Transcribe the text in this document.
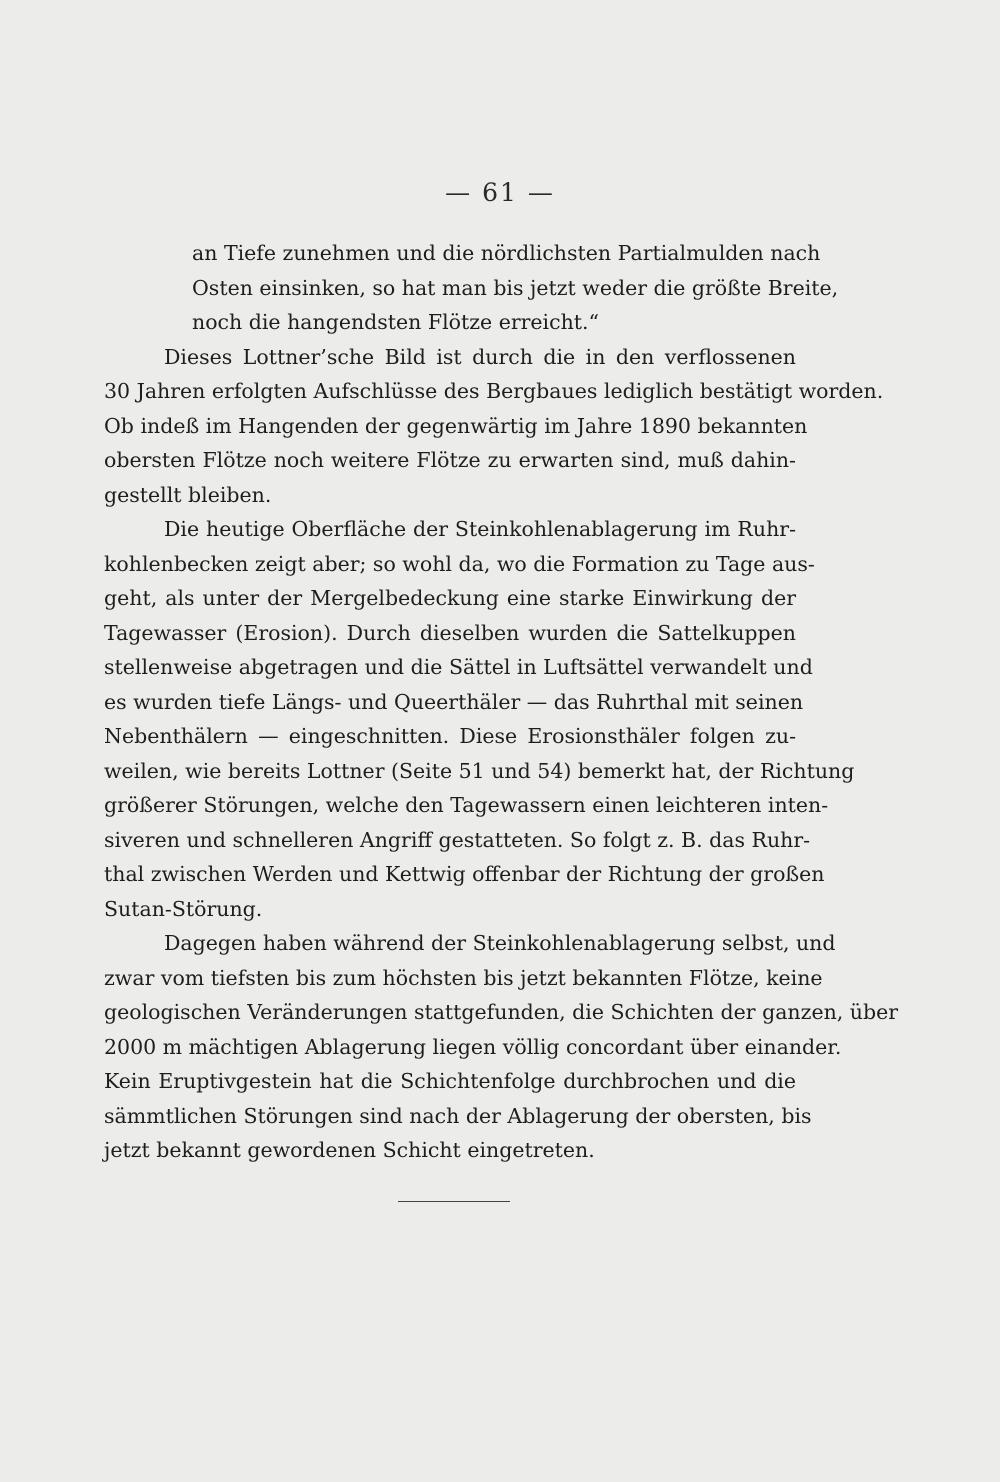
— 61 —
an Tiefe zunehmen und die nördlichsten Partialmulden nach
Osten einsinken, so hat man bis jetzt weder die größte Breite,
noch die hangendsten Flötze erreicht.“
Dieses Lottner’sche Bild ist durch die in den verflossenen
30 Jahren erfolgten Aufschlüsse des Bergbaues lediglich bestätigt worden.
Ob indeß im Hangenden der gegenwärtig im Jahre 1890 bekannten
obersten Flötze noch weitere Flötze zu erwarten sind, muß dahin-
gestellt bleiben.
Die heutige Oberfläche der Steinkohlenablagerung im Ruhr-
kohlenbecken zeigt aber; so wohl da, wo die Formation zu Tage aus-
geht, als unter der Mergelbedeckung eine starke Einwirkung der
Tagewasser (Erosion). Durch dieselben wurden die Sattelkuppen
stellenweise abgetragen und die Sättel in Luftsättel verwandelt und
es wurden tiefe Längs- und Queerthäler — das Ruhrthal mit seinen
Nebenthälern — eingeschnitten. Diese Erosionsthäler folgen zu-
weilen, wie bereits Lottner (Seite 51 und 54) bemerkt hat, der Richtung
größerer Störungen, welche den Tagewassern einen leichteren inten-
siveren und schnelleren Angriff gestatteten. So folgt z. B. das Ruhr-
thal zwischen Werden und Kettwig offenbar der Richtung der großen
Sutan-Störung.
Dagegen haben während der Steinkohlenablagerung selbst, und
zwar vom tiefsten bis zum höchsten bis jetzt bekannten Flötze, keine
geologischen Veränderungen stattgefunden, die Schichten der ganzen, über
2000 m mächtigen Ablagerung liegen völlig concordant über einander.
Kein Eruptivgestein hat die Schichtenfolge durchbrochen und die
sämmtlichen Störungen sind nach der Ablagerung der obersten, bis
jetzt bekannt gewordenen Schicht eingetreten.
